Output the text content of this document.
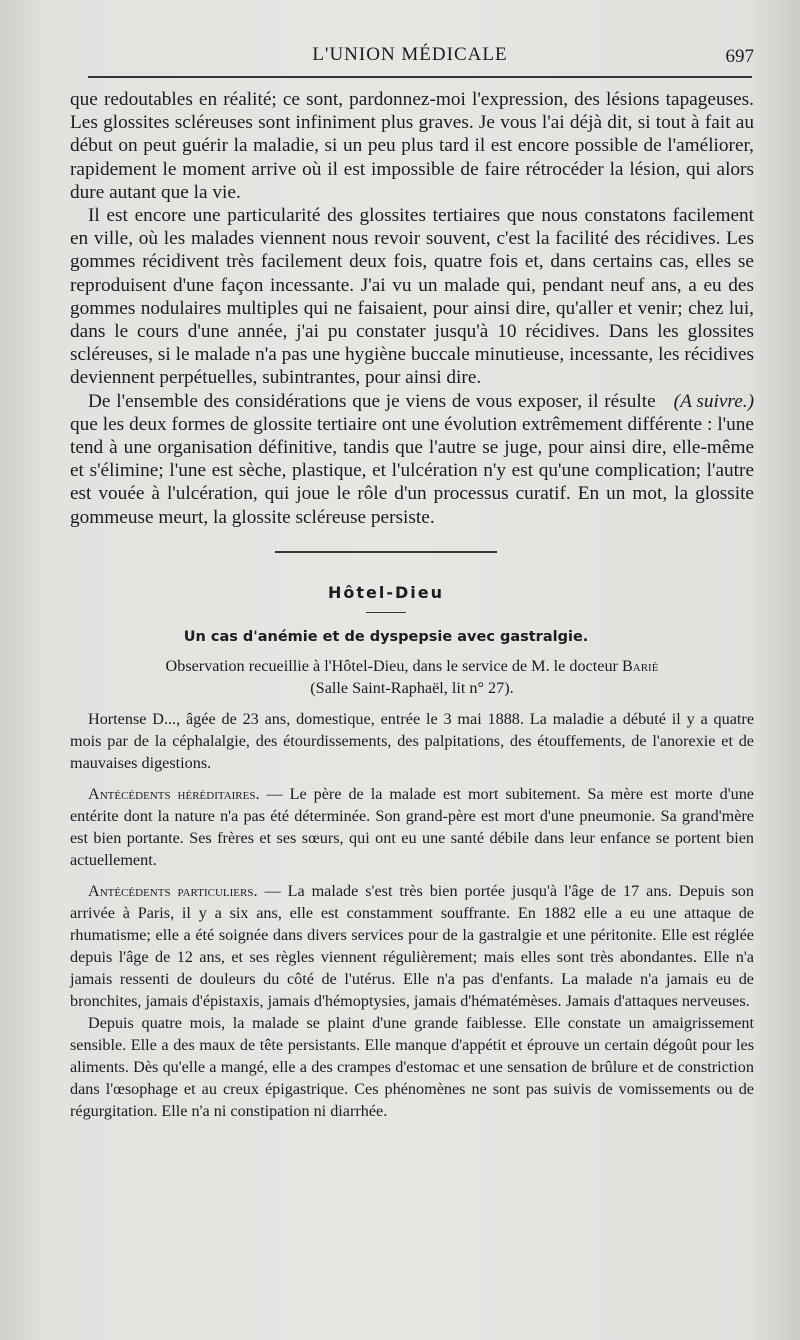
L'UNION MÉDICALE	697

que redoutables en réalité; ce sont, pardonnez-moi l'expression, des lésions tapageuses. Les glossites scléreuses sont infiniment plus graves. Je vous l'ai déjà dit, si tout à fait au début on peut guérir la maladie, si un peu plus tard il est encore possible de l'améliorer, rapidement le moment arrive où il est impossible de faire rétrocéder la lésion, qui alors dure autant que la vie.

Il est encore une particularité des glossites tertiaires que nous constatons facilement en ville, où les malades viennent nous revoir souvent, c'est la facilité des récidives. Les gommes récidivent très facilement deux fois, quatre fois et, dans certains cas, elles se reproduisent d'une façon incessante. J'ai vu un malade qui, pendant neuf ans, a eu des gommes nodulaires multiples qui ne faisaient, pour ainsi dire, qu'aller et venir; chez lui, dans le cours d'une année, j'ai pu constater jusqu'à 10 récidives. Dans les glossites scléreuses, si le malade n'a pas une hygiène buccale minutieuse, incessante, les récidives deviennent perpétuelles, subintrantes, pour ainsi dire.

(A suivre.)
De l'ensemble des considérations que je viens de vous exposer, il résulte que les deux formes de glossite tertiaire ont une évolution extrêmement différente : l'une tend à une organisation définitive, tandis que l'autre se juge, pour ainsi dire, elle-même et s'élimine; l'une est sèche, plastique, et l'ulcération n'y est qu'une complication; l'autre est vouée à l'ulcération, qui joue le rôle d'un processus curatif. En un mot, la glossite gommeuse meurt, la glossite scléreuse persiste.

Hôtel-Dieu
Un cas d'anémie et de dyspepsie avec gastralgie.

Observation recueillie à l'Hôtel-Dieu, dans le service de M. le docteur Barié

(Salle Saint-Raphaël, lit n° 27).

Hortense D..., âgée de 23 ans, domestique, entrée le 3 mai 1888. La maladie a débuté il y a quatre mois par de la céphalalgie, des étourdissements, des palpitations, des étouffements, de l'anorexie et de mauvaises digestions.

Antécédents héréditaires. — Le père de la malade est mort subitement. Sa mère est morte d'une entérite dont la nature n'a pas été déterminée. Son grand-père est mort d'une pneumonie. Sa grand'mère est bien portante. Ses frères et ses sœurs, qui ont eu une santé débile dans leur enfance se portent bien actuellement.

Antécédents particuliers. — La malade s'est très bien portée jusqu'à l'âge de 17 ans. Depuis son arrivée à Paris, il y a six ans, elle est constamment souffrante. En 1882 elle a eu une attaque de rhumatisme; elle a été soignée dans divers services pour de la gastralgie et une péritonite. Elle est réglée depuis l'âge de 12 ans, et ses règles viennent régulièrement; mais elles sont très abondantes. Elle n'a jamais ressenti de douleurs du côté de l'utérus. Elle n'a pas d'enfants. La malade n'a jamais eu de bronchites, jamais d'épistaxis, jamais d'hémoptysies, jamais d'hématémèses. Jamais d'attaques nerveuses.

Depuis quatre mois, la malade se plaint d'une grande faiblesse. Elle constate un amaigrissement sensible. Elle a des maux de tête persistants. Elle manque d'appétit et éprouve un certain dégoût pour les aliments. Dès qu'elle a mangé, elle a des crampes d'estomac et une sensation de brûlure et de constriction dans l'œsophage et au creux épigastrique. Ces phénomènes ne sont pas suivis de vomissements ou de régurgitation. Elle n'a ni constipation ni diarrhée.
